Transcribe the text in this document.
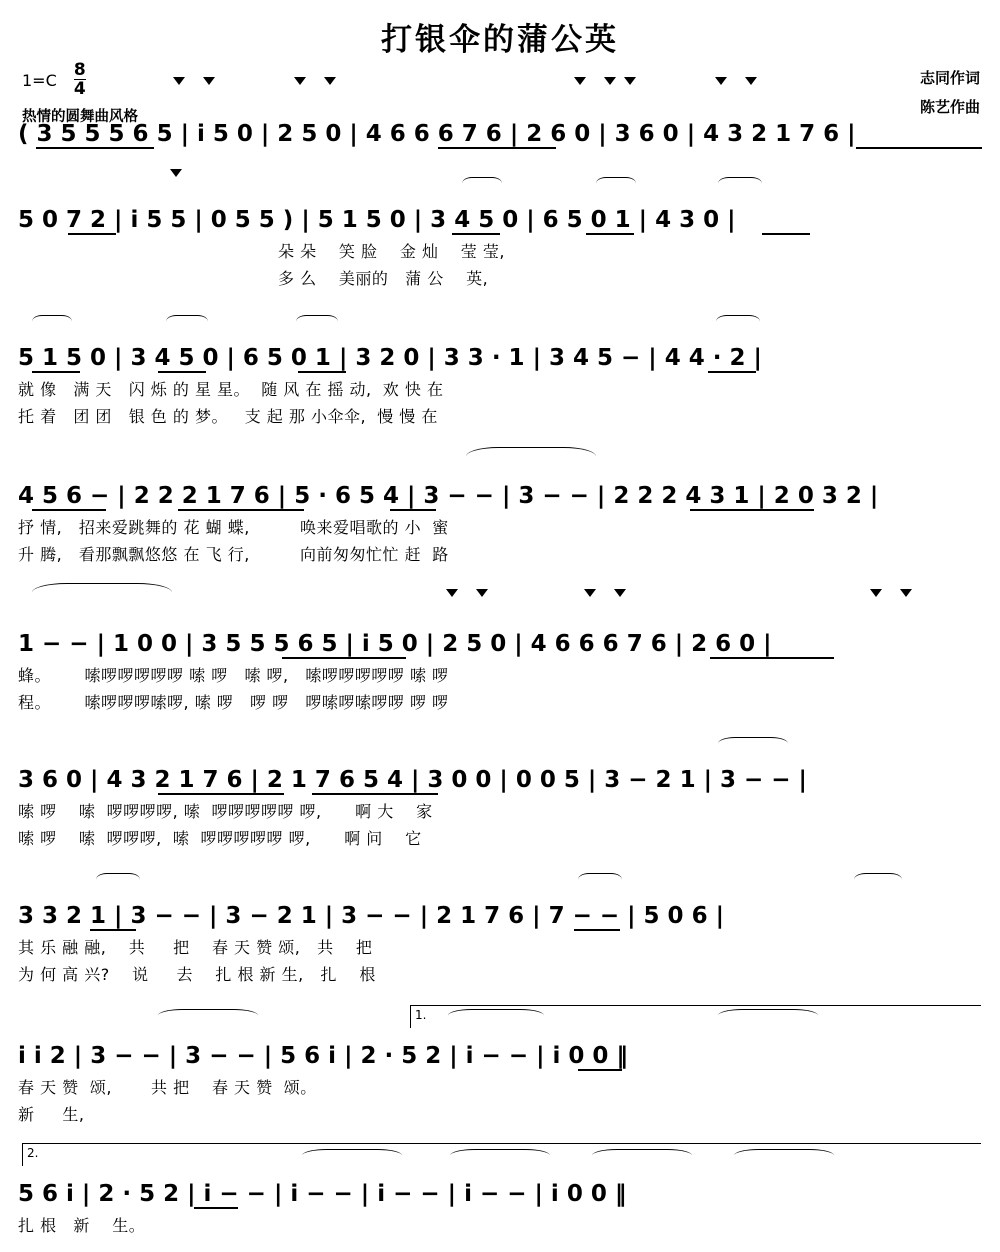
打银伞的蒲公英
$1=C \frac{8}{4}$
热情的圆舞曲风格
志同作词
陈艺作曲
( 3 5 5 5 6 5 | i 5 0 | 2 5 0 | 4 6 6 6 7 6 | 2 6 0 | 3 6 0 | 4 3 2 1 7 6 |
5 0 7 2 | i 5 5 | 0 5 5 ) | 5 1 5 0 | 3 4 5 0 | 6 5 0 1 | 4 3 0 |
朵 朵    笑 脸    金 灿    莹 莹,
多 么    美丽的   蒲 公    英,
5 1 5 0 | 3 4 5 0 | 6 5 0 1 | 3 2 0 | 3 3 · 1 | 3 4 5 − | 4 4 · 2 |
就 像   满 天   闪 烁 的 星 星。  随 风 在 摇 动,  欢 快 在
托 着   团 团   银 色 的 梦。   支 起 那 小伞伞,  慢 慢 在
4 5 6 − | 2 2 2 1 7 6 | 5 · 6 5 4 | 3 − − | 3 − − | 2 2 2 4 3 1 | 2 0 3 2 |
抒 情,   招来爱跳舞的 花 蝴 蝶,         唤来爱唱歌的 小  蜜
升 腾,   看那飘飘悠悠 在 飞 行,         向前匆匆忙忙 赶  路
1 − − | 1 0 0 | 3 5 5 5 6 5 | i 5 0 | 2 5 0 | 4 6 6 6 7 6 | 2 6 0 |
蜂。      嗦啰啰啰啰啰 嗦 啰   嗦 啰,   嗦啰啰啰啰啰 嗦 啰
程。      嗦啰啰啰嗦啰, 嗦 啰   啰 啰   啰嗦啰嗦啰啰 啰 啰
3 6 0 | 4 3 2 1 7 6 | 2 1 7 6 5 4 | 3 0 0 | 0 0 5 | 3 − 2 1 | 3 − − |
嗦 啰    嗦  啰啰啰啰, 嗦  啰啰啰啰啰 啰,      啊 大    家
嗦 啰    嗦  啰啰啰,  嗦  啰啰啰啰啰 啰,      啊 问    它
3 3 2 1 | 3 − − | 3 − 2 1 | 3 − − | 2 1 7 6 | 7 − − | 5 0 6 |
其 乐 融 融,    共     把    春 天 赞 颂,   共    把
为 何 高 兴?    说     去    扎 根 新 生,   扎    根
1.
i i 2 | 3 − − | 3 − − | 5 6 i | 2 · 5 2 | i − − | i 0 0 ‖
春 天 赞  颂,       共 把    春 天 赞  颂。
新     生,
2.
5 6 i | 2 · 5 2 | i − − | i − − | i − − | i − − | i 0 0 ‖
扎 根   新    生。
